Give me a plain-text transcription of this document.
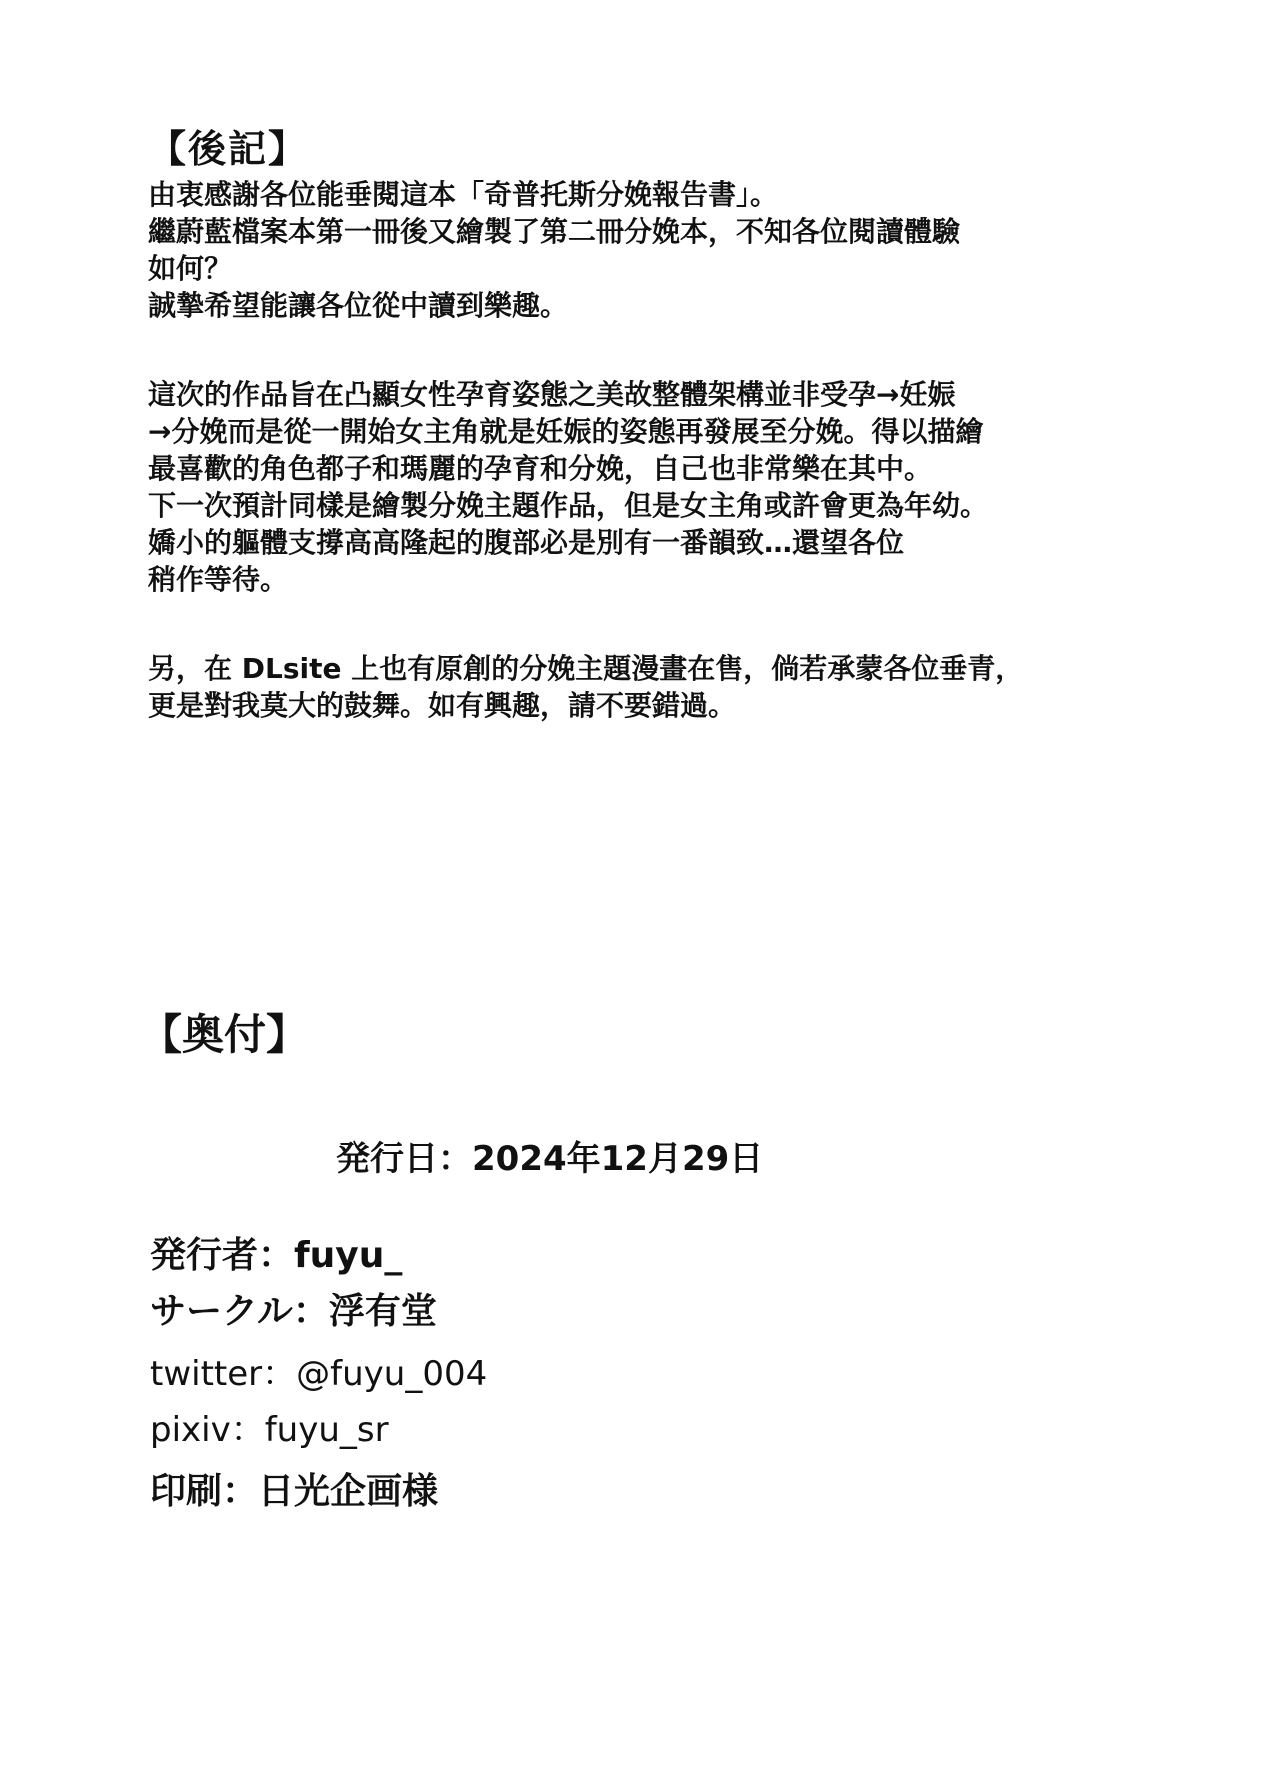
【後記】
由衷感謝各位能垂閱這本「奇普托斯分娩報告書」。
繼蔚藍檔案本第一冊後又繪製了第二冊分娩本，不知各位閱讀體驗
如何？
誠摯希望能讓各位從中讀到樂趣。
這次的作品旨在凸顯女性孕育姿態之美故整體架構並非受孕→妊娠
→分娩而是從一開始女主角就是妊娠的姿態再發展至分娩。得以描繪
最喜歡的角色都子和瑪麗的孕育和分娩，自己也非常樂在其中。
下一次預計同樣是繪製分娩主題作品，但是女主角或許會更為年幼。
嬌小的軀體支撐高高隆起的腹部必是別有一番韻致…還望各位
稍作等待。
另，在 DLsite 上也有原創的分娩主題漫畫在售，倘若承蒙各位垂青，
更是對我莫大的鼓舞。如有興趣，請不要錯過。
【奥付】
発行日：2024年12月29日
発行者：fuyu_
サークル：浮有堂
twitter：@fuyu_004
pixiv：fuyu_sr
印刷：日光企画様
